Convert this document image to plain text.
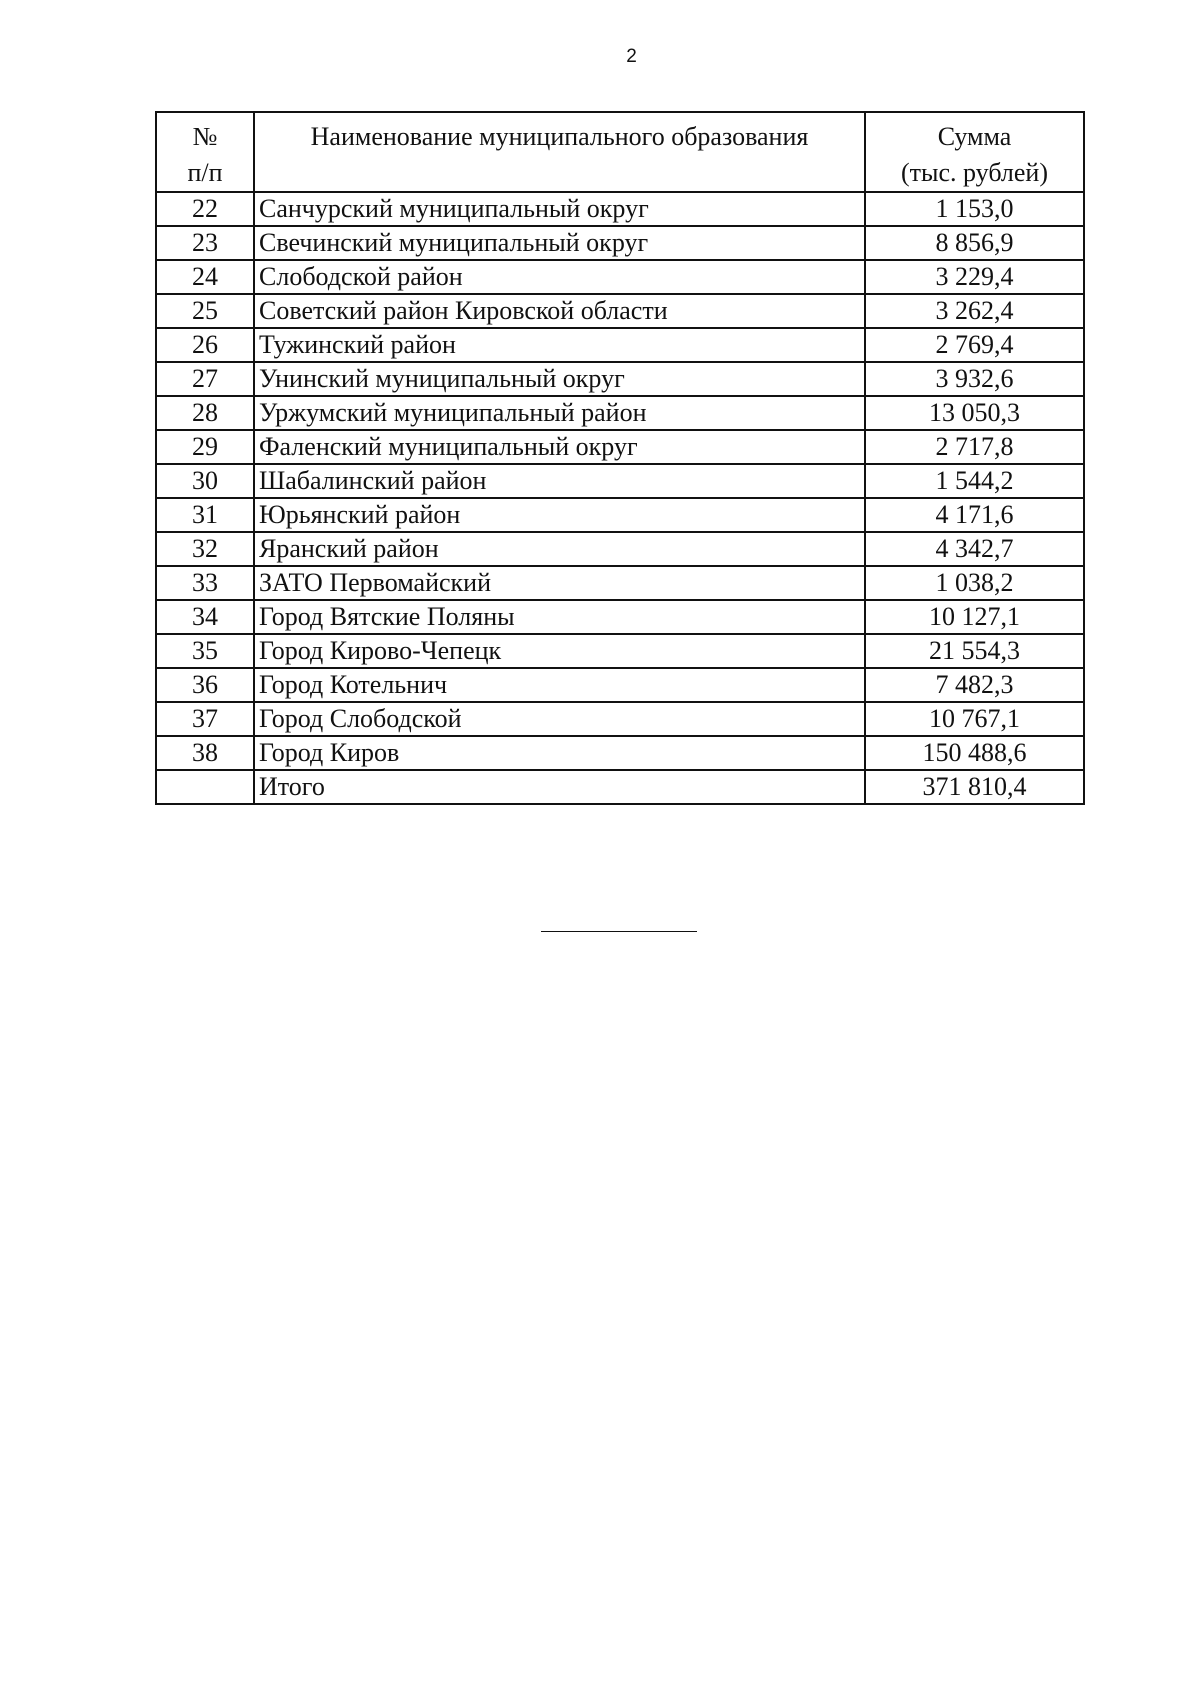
2
№
п/п	Наименование муниципального образования	Сумма
(тыс. рублей)

22	Санчурский муниципальный округ	1 153,0
23	Свечинский муниципальный округ	8 856,9
24	Слободской район	3 229,4
25	Советский район Кировской области	3 262,4
26	Тужинский район	2 769,4
27	Унинский муниципальный округ	3 932,6
28	Уржумский муниципальный район	13 050,3
29	Фаленский муниципальный округ	2 717,8
30	Шабалинский район	1 544,2
31	Юрьянский район	4 171,6
32	Яранский район	4 342,7
33	ЗАТО Первомайский	1 038,2
34	Город Вятские Поляны	10 127,1
35	Город Кирово-Чепецк	21 554,3
36	Город Котельнич	7 482,3
37	Город Слободской	10 767,1
38	Город Киров	150 488,6
	Итого	371 810,4
